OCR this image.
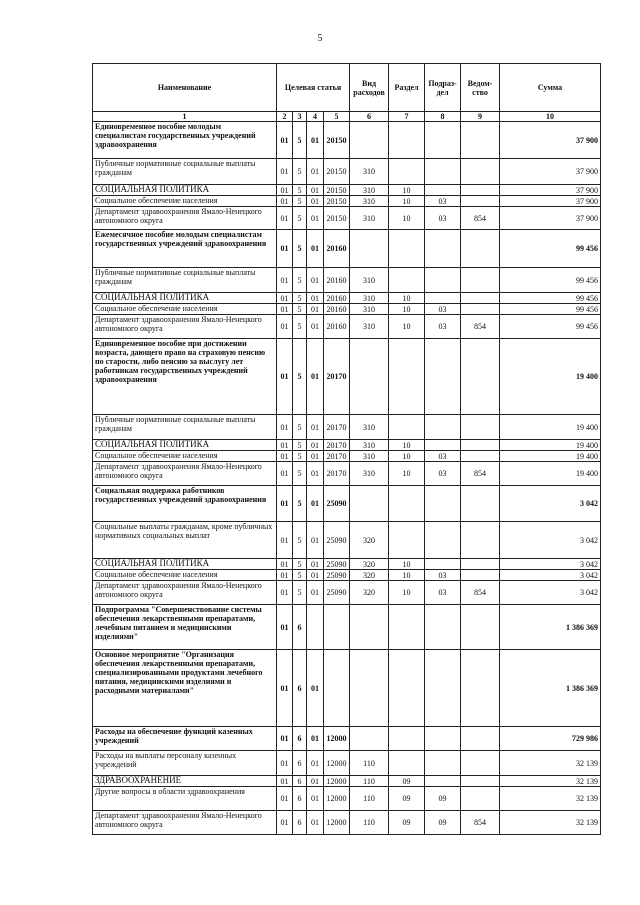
5
Наименование	Целевая статья				Вид расходов	Раздел	Подраз-дел	Ведом-ство	Сумма
1	2	3	4	5	6	7	8	9	10
Единовременное пособие молодым специалистам государственных учреждений здравоохранения	01	5	01	20150					37 900
Публичные нормативные социальные выплаты гражданам	01	5	01	20150	310				37 900
СОЦИАЛЬНАЯ ПОЛИТИКА	01	5	01	20150	310	10			37 900
Социальное обеспечение населения	01	5	01	20150	310	10	03		37 900
Департамент здравоохранения Ямало-Ненецкого автономного округа	01	5	01	20150	310	10	03	854	37 900
Ежемесячное пособие молодым специалистам государственных учреждений здравоохранения	01	5	01	20160					99 456
Публичные нормативные социальные выплаты гражданам	01	5	01	20160	310				99 456
СОЦИАЛЬНАЯ ПОЛИТИКА	01	5	01	20160	310	10			99 456
Социальное обеспечение населения	01	5	01	20160	310	10	03		99 456
Департамент здравоохранения Ямало-Ненецкого автономного округа	01	5	01	20160	310	10	03	854	99 456
Единовременное пособие при достижении возраста, дающего право на страховую пенсию по старости, либо пенсию за выслугу лет работникам государственных учреждений здравоохранения	01	5	01	20170					19 400
Публичные нормативные социальные выплаты гражданам	01	5	01	20170	310				19 400
СОЦИАЛЬНАЯ ПОЛИТИКА	01	5	01	20170	310	10			19 400
Социальное обеспечение населения	01	5	01	20170	310	10	03		19 400
Департамент здравоохранения Ямало-Ненецкого автономного округа	01	5	01	20170	310	10	03	854	19 400
Социальная поддержка работников государственных учреждений здравоохранения	01	5	01	25090					3 042
Социальные выплаты гражданам, кроме публичных нормативных социальных выплат	01	5	01	25090	320				3 042
СОЦИАЛЬНАЯ ПОЛИТИКА	01	5	01	25090	320	10			3 042
Социальное обеспечение населения	01	5	01	25090	320	10	03		3 042
Департамент здравоохранения Ямало-Ненецкого автономного округа	01	5	01	25090	320	10	03	854	3 042
Подпрограмма "Совершенствование системы обеспечения лекарственными препаратами, лечебным питанием и медицинскими изделиями"	01	6							1 386 369
Основное мероприятие "Организация обеспечения лекарственными препаратами, специализированными продуктами лечебного питания, медицинскими изделиями и расходными материалами"	01	6	01						1 386 369
Расходы на обеспечение функций казенных учреждений	01	6	01	12000					729 986
Расходы на выплаты персоналу казенных учреждений	01	6	01	12000	110				32 139
ЗДРАВООХРАНЕНИЕ	01	6	01	12000	110	09			32 139
Другие вопросы в области здравоохранения	01	6	01	12000	110	09	09		32 139
Департамент здравоохранения Ямало-Ненецкого автономного округа	01	6	01	12000	110	09	09	854	32 139
